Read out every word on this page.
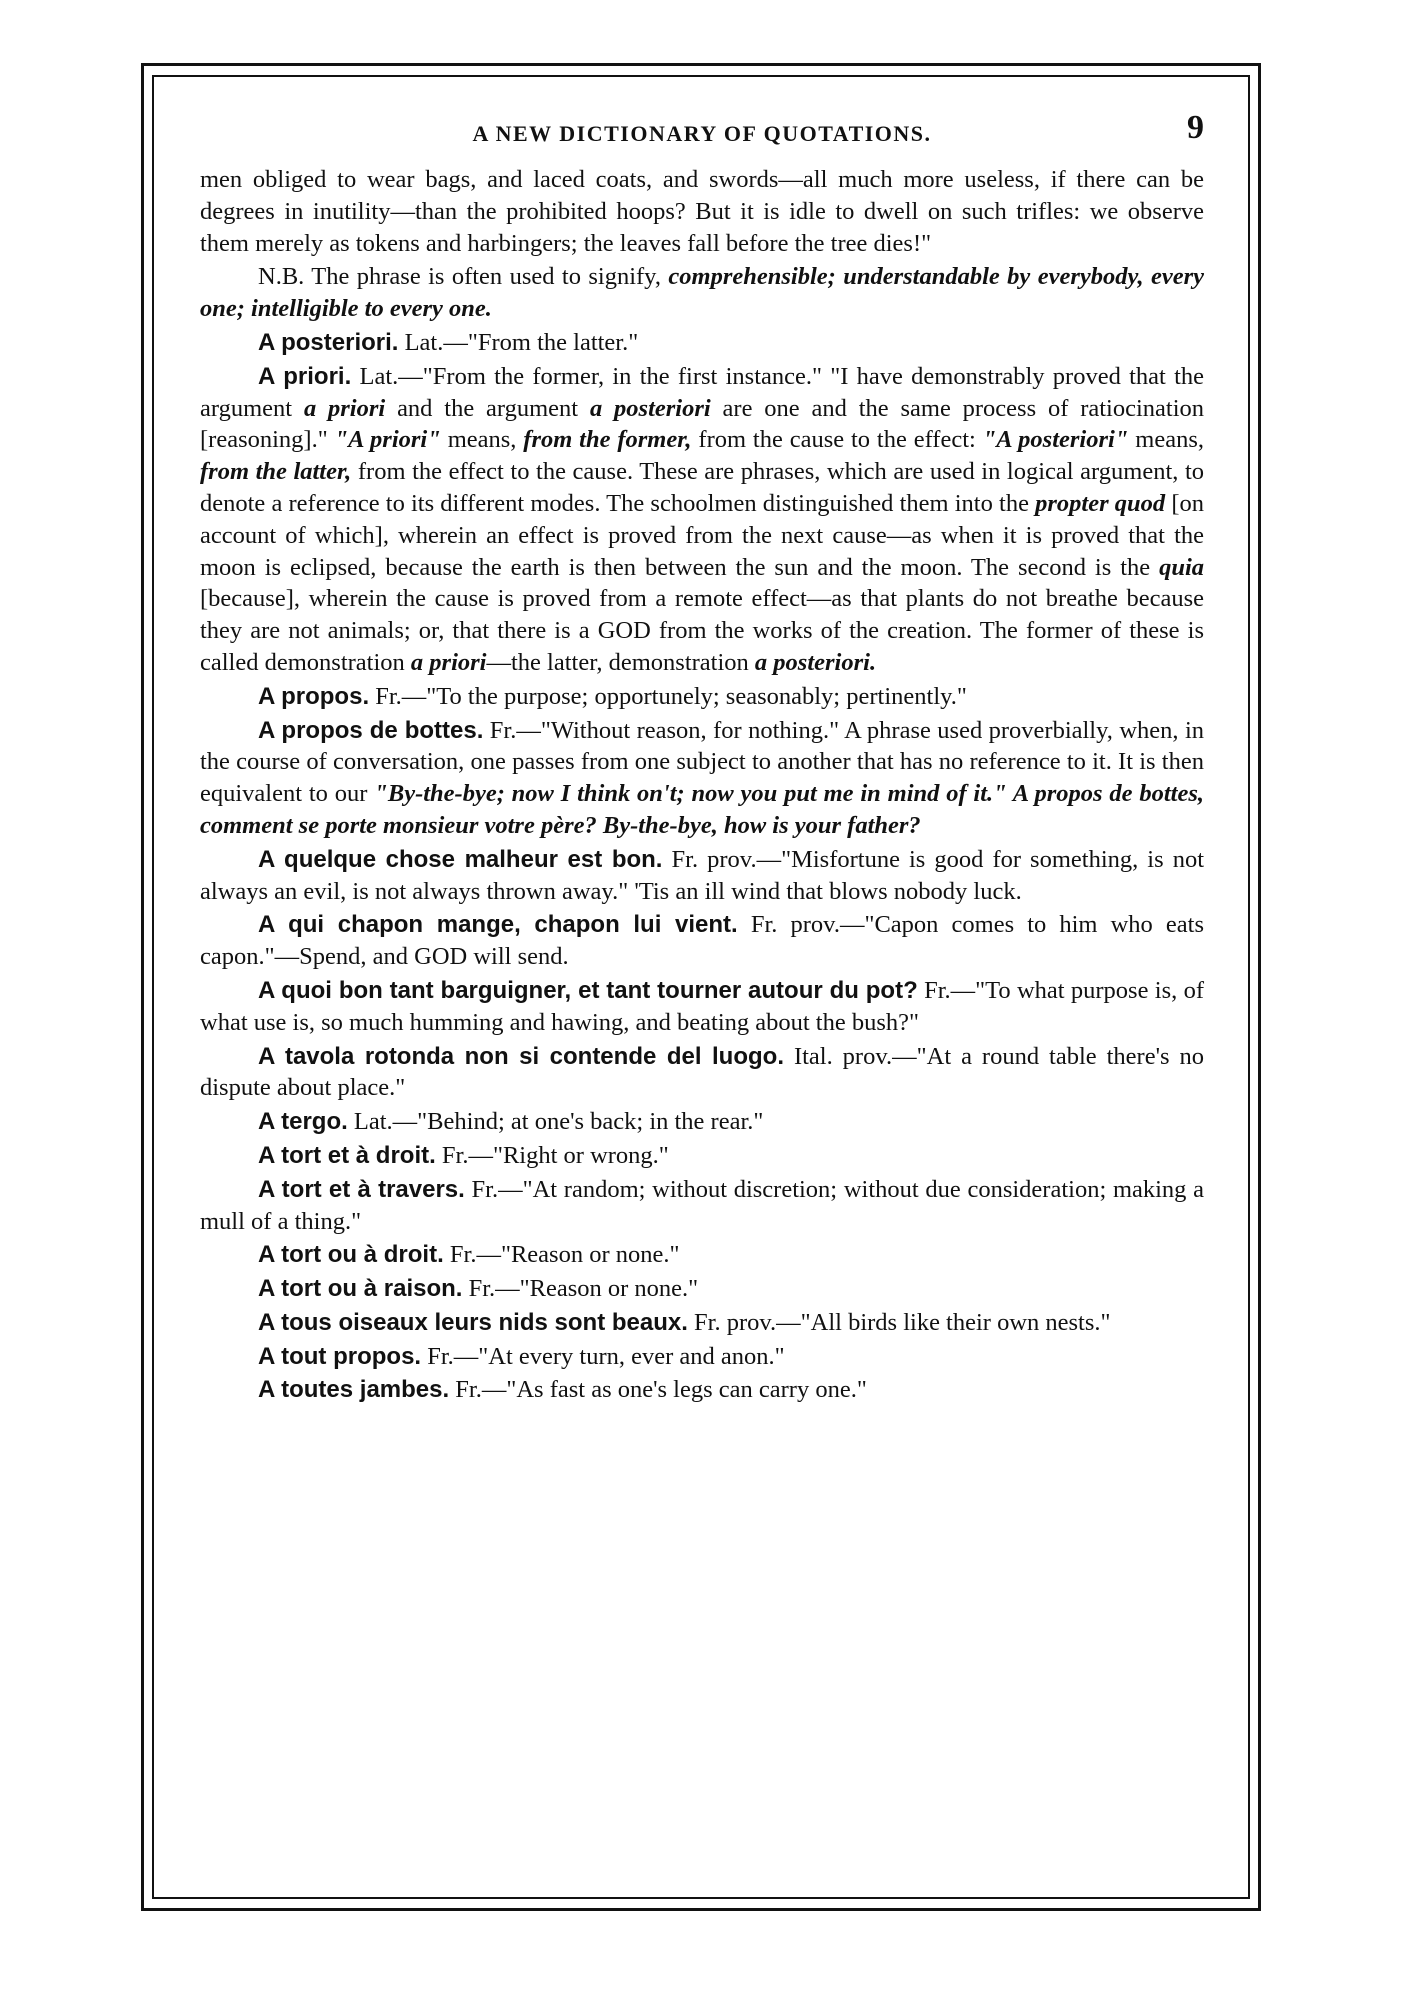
A NEW DICTIONARY OF QUOTATIONS.	9

men obliged to wear bags, and laced coats, and swords—all much more useless, if there can be degrees in inutility—than the prohibited hoops? But it is idle to dwell on such trifles: we observe them merely as tokens and harbingers; the leaves fall before the tree dies!"

N.B. The phrase is often used to signify, comprehensible; understandable by everybody, every one; intelligible to every one.

A posteriori. Lat.—"From the latter."

A priori. Lat.—"From the former, in the first instance." "I have demonstrably proved that the argument a priori and the argument a posteriori are one and the same process of ratiocination [reasoning]." "A priori" means, from the former, from the cause to the effect: "A posteriori" means, from the latter, from the effect to the cause. These are phrases, which are used in logical argument, to denote a reference to its different modes. The schoolmen distinguished them into the propter quod [on account of which], wherein an effect is proved from the next cause—as when it is proved that the moon is eclipsed, because the earth is then between the sun and the moon. The second is the quia [because], wherein the cause is proved from a remote effect—as that plants do not breathe because they are not animals; or, that there is a GOD from the works of the creation. The former of these is called demonstration a priori—the latter, demonstration a posteriori.

A propos. Fr.—"To the purpose; opportunely; seasonably; pertinently."

A propos de bottes. Fr.—"Without reason, for nothing." A phrase used proverbially, when, in the course of conversation, one passes from one subject to another that has no reference to it. It is then equivalent to our "By-the-bye; now I think on't; now you put me in mind of it." A propos de bottes, comment se porte monsieur votre père? By-the-bye, how is your father?

A quelque chose malheur est bon. Fr. prov.—"Misfortune is good for something, is not always an evil, is not always thrown away." 'Tis an ill wind that blows nobody luck.

A qui chapon mange, chapon lui vient. Fr. prov.—"Capon comes to him who eats capon."—Spend, and GOD will send.

A quoi bon tant barguigner, et tant tourner autour du pot? Fr.—"To what purpose is, of what use is, so much humming and hawing, and beating about the bush?"

A tavola rotonda non si contende del luogo. Ital. prov.—"At a round table there's no dispute about place."

A tergo. Lat.—"Behind; at one's back; in the rear."

A tort et à droit. Fr.—"Right or wrong."

A tort et à travers. Fr.—"At random; without discretion; without due consideration; making a mull of a thing."

A tort ou à droit. Fr.—"Reason or none."

A tort ou à raison. Fr.—"Reason or none."

A tous oiseaux leurs nids sont beaux. Fr. prov.—"All birds like their own nests."

A tout propos. Fr.—"At every turn, ever and anon."

A toutes jambes. Fr.—"As fast as one's legs can carry one."
